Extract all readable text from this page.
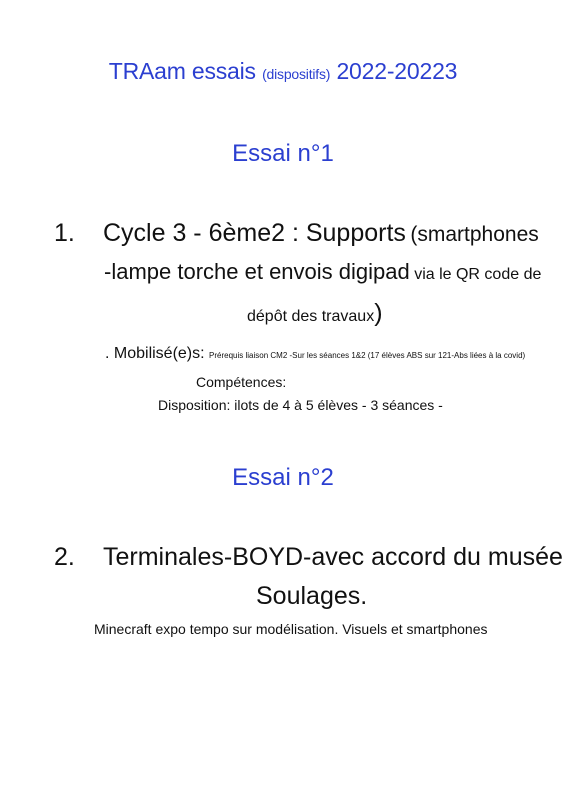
TRAam essais (dispositifs) 2022-20223
Essai n°1
1. Cycle 3 - 6ème2 : Supports (smartphones
-lampe torche et envois digipad via le QR code de
dépôt des travaux)
. Mobilisé(e)s: Prérequis liaison CM2 -Sur les séances 1&2 (17 élèves ABS sur 121-Abs liées à la covid)
Compétences:
Disposition: ilots de 4 à 5 élèves - 3 séances -
Essai n°2
2. Terminales-BOYD-avec accord du musée
Soulages.
Minecraft expo tempo sur modélisation. Visuels et smartphones
